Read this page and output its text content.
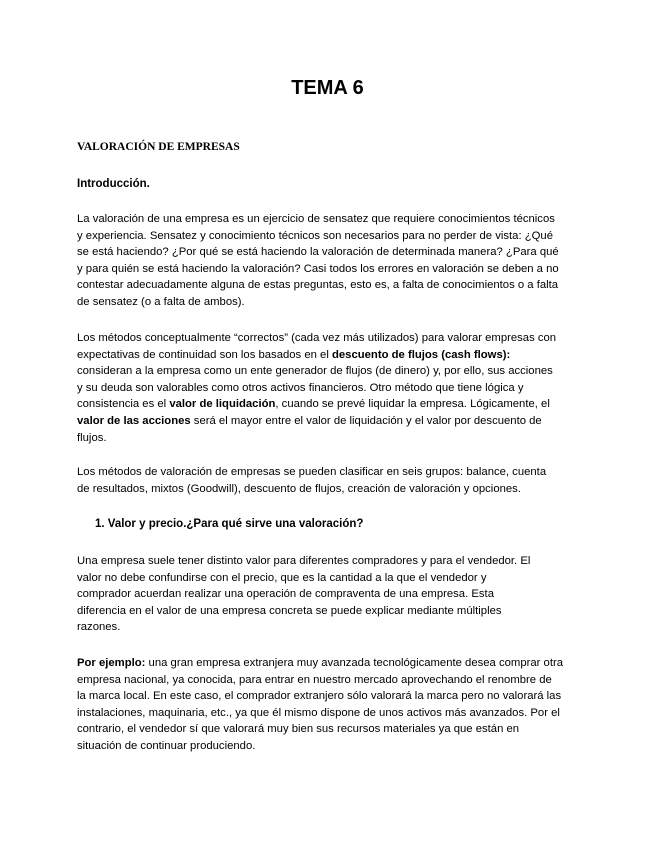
TEMA 6
VALORACIÓN DE EMPRESAS
Introducción.
La valoración de una empresa es un ejercicio de sensatez que requiere conocimientos técnicos
y experiencia. Sensatez y conocimiento técnicos son necesarios para no perder de vista: ¿Qué
se está haciendo? ¿Por qué se está haciendo la valoración de determinada manera? ¿Para qué
y para quién se está haciendo la valoración? Casi todos los errores en valoración se deben a no
contestar adecuadamente alguna de estas preguntas, esto es, a falta de conocimientos o a falta
de sensatez (o a falta de ambos).
Los métodos conceptualmente “correctos” (cada vez más utilizados) para valorar empresas con
expectativas de continuidad son los basados en el descuento de flujos (cash flows):
consideran a la empresa como un ente generador de flujos (de dinero) y, por ello, sus acciones
y su deuda son valorables como otros activos financieros. Otro método que tiene lógica y
consistencia es el valor de liquidación, cuando se prevé liquidar la empresa. Lógicamente, el
valor de las acciones será el mayor entre el valor de liquidación y el valor por descuento de
flujos.
Los métodos de valoración de empresas se pueden clasificar en seis grupos: balance, cuenta
de resultados, mixtos (Goodwill), descuento de flujos, creación de valoración y opciones.
1. Valor y precio.¿Para qué sirve una valoración?
Una empresa suele tener distinto valor para diferentes compradores y para el vendedor. El
valor no debe confundirse con el precio, que es la cantidad a la que el vendedor y
comprador acuerdan realizar una operación de compraventa de una empresa. Esta
diferencia en el valor de una empresa concreta se puede explicar mediante múltiples
razones.
Por ejemplo: una gran empresa extranjera muy avanzada tecnológicamente desea comprar otra
empresa nacional, ya conocida, para entrar en nuestro mercado aprovechando el renombre de
la marca local. En este caso, el comprador extranjero sólo valorará la marca pero no valorará las
instalaciones, maquinaria, etc., ya que él mismo dispone de unos activos más avanzados. Por el
contrario, el vendedor sí que valorará muy bien sus recursos materiales ya que están en
situación de continuar produciendo.
